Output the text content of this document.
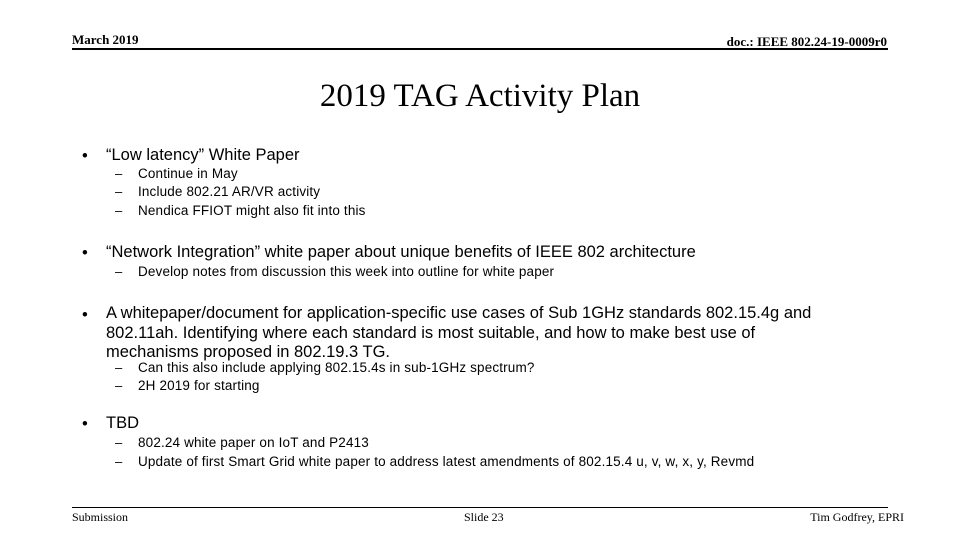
March 2019	doc.: IEEE 802.24-19-0009r0
2019 TAG Activity Plan
• “Low latency” White Paper
– Continue in May
– Include 802.21 AR/VR activity
– Nendica FFIOT might also fit into this
• “Network Integration” white paper about unique benefits of IEEE 802 architecture
– Develop notes from discussion this week into outline for white paper
• A whitepaper/document for application-specific use cases of Sub 1GHz standards 802.15.4g and
802.11ah. Identifying where each standard is most suitable, and how to make best use of
mechanisms proposed in 802.19.3 TG.
– Can this also include applying 802.15.4s in sub-1GHz spectrum?
– 2H 2019 for starting
• TBD
– 802.24 white paper on IoT and P2413
– Update of first Smart Grid white paper to address latest amendments of 802.15.4 u, v, w, x, y, Revmd
Submission	Slide 23	Tim Godfrey, EPRI
